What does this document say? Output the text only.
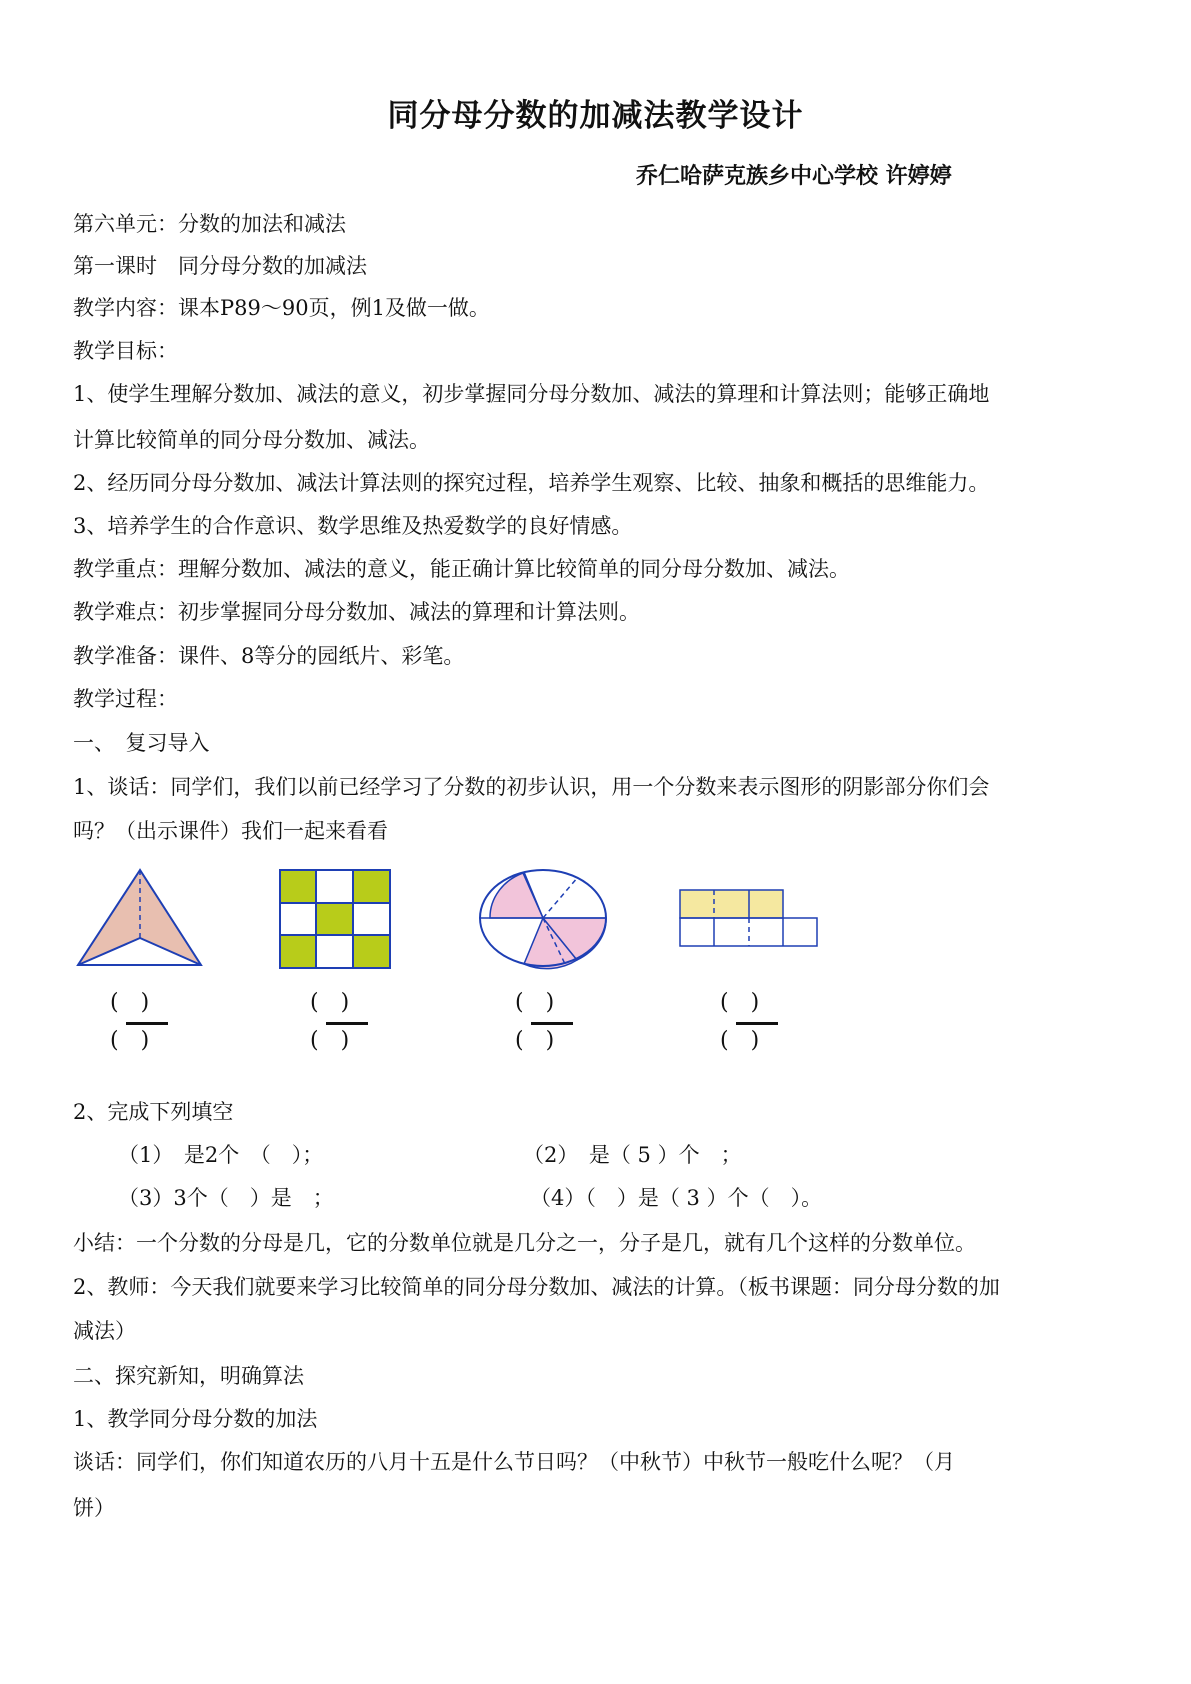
同分母分数的加减法教学设计
乔仁哈萨克族乡中心学校 许婷婷
第六单元：分数的加法和减法
第一课时　同分母分数的加减法
教学内容：课本P89～90页，例1及做一做。
教学目标：
1、使学生理解分数加、减法的意义，初步掌握同分母分数加、减法的算理和计算法则；能够正确地
计算比较简单的同分母分数加、减法。
2、经历同分母分数加、减法计算法则的探究过程，培养学生观察、比较、抽象和概括的思维能力。
3、培养学生的合作意识、数学思维及热爱数学的良好情感。
教学重点：理解分数加、减法的意义，能正确计算比较简单的同分母分数加、减法。
教学难点：初步掌握同分母分数加、减法的算理和计算法则。
教学准备：课件、8等分的园纸片、彩笔。
教学过程：
一、　复习导入
1、谈话：同学们，我们以前已经学习了分数的初步认识，用一个分数来表示图形的阴影部分你们会
吗？（出示课件）我们一起来看看
(　)
(　)
(　)
(　)
(　)
(　)
(　)
(　)
2、完成下列填空
（1）　是2个　（　）；	（2）　是（ 5 ）个　；
（3）3个（　）是　；	（4）（　）是（ 3 ）个（　）。
小结：一个分数的分母是几，它的分数单位就是几分之一，分子是几，就有几个这样的分数单位。
2、教师：今天我们就要来学习比较简单的同分母分数加、减法的计算。（板书课题：同分母分数的加
减法）
二、探究新知，明确算法
1、教学同分母分数的加法
谈话：同学们，你们知道农历的八月十五是什么节日吗？（中秋节）中秋节一般吃什么呢？（月
饼）
